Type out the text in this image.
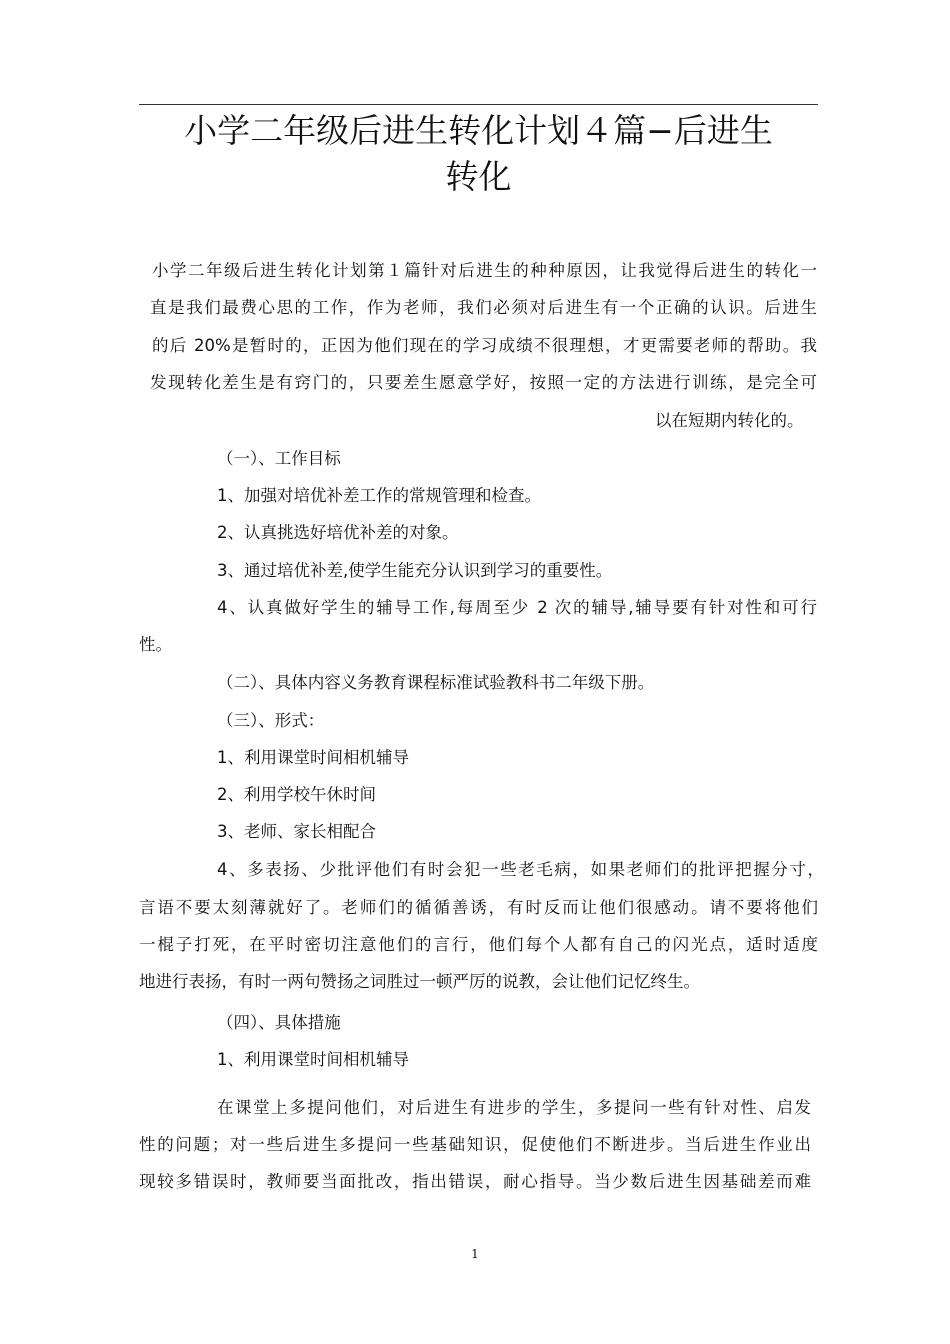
小学二年级后进生转化计划４篇−后进生
转化
小学二年级后进生转化计划第１篇针对后进生的种种原因，让我觉得后进生的转化一
直是我们最费心思的工作，作为老师，我们必须对后进生有一个正确的认识。后进生
的后 20%是暂时的，正因为他们现在的学习成绩不很理想，才更需要老师的帮助。我
发现转化差生是有窍门的，只要差生愿意学好，按照一定的方法进行训练，是完全可
以在短期内转化的。
（一）、工作目标
1、加强对培优补差工作的常规管理和检查。
2、认真挑选好培优补差的对象。
3、通过培优补差,使学生能充分认识到学习的重要性。
4、认真做好学生的辅导工作,每周至少 2 次的辅导,辅导要有针对性和可行
性。
（二）、具体内容义务教育课程标准试验教科书二年级下册。
（三）、形式：
1、利用课堂时间相机辅导
2、利用学校午休时间
3、老师、家长相配合
4、多表扬、少批评他们有时会犯一些老毛病，如果老师们的批评把握分寸，
言语不要太刻薄就好了。老师们的循循善诱，有时反而让他们很感动。请不要将他们
一棍子打死，在平时密切注意他们的言行，他们每个人都有自己的闪光点，适时适度
地进行表扬，有时一两句赞扬之词胜过一顿严厉的说教，会让他们记忆终生。
（四）、具体措施
1、利用课堂时间相机辅导
在课堂上多提问他们，对后进生有进步的学生，多提问一些有针对性、启发
性的问题；对一些后进生多提问一些基础知识，促使他们不断进步。当后进生作业出
现较多错误时，教师要当面批改，指出错误，耐心指导。当少数后进生因基础差而难
1
